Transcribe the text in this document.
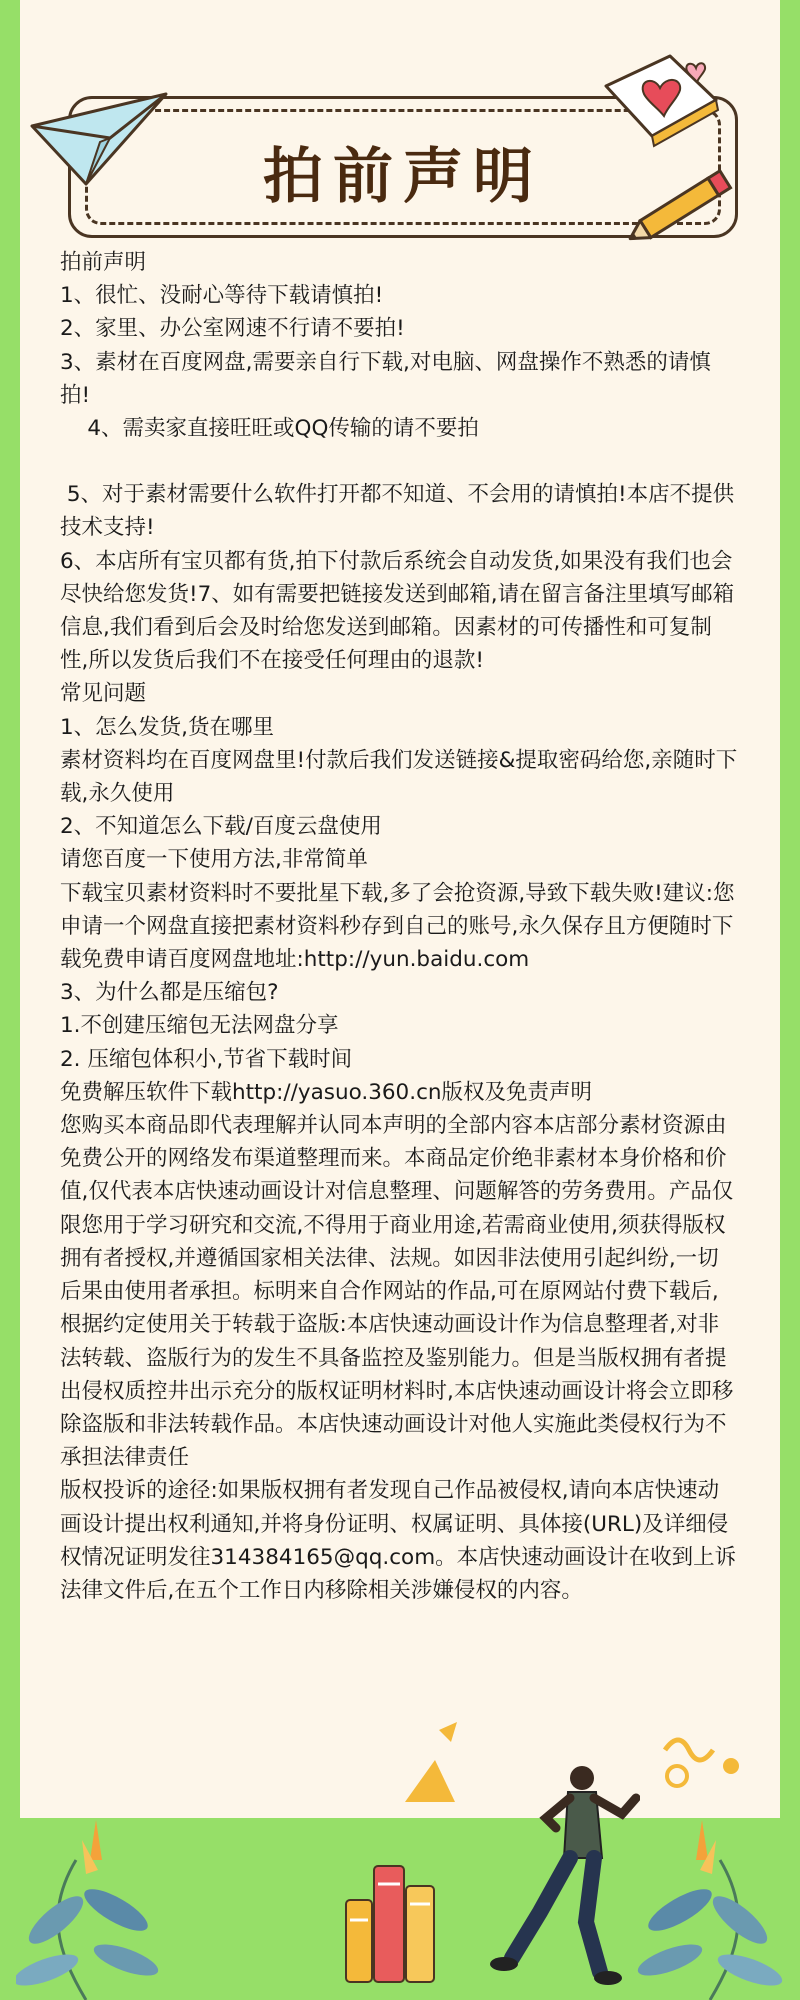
拍前声明

拍前声明

1、很忙、没耐心等待下载请慎拍!

2、家里、办公室网速不行请不要拍!

3、素材在百度网盘,需要亲自行下载,对电脑、网盘操作不熟悉的请慎拍!

4、需卖家直接旺旺或QQ传输的请不要拍

5、对于素材需要什么软件打开都不知道、不会用的请慎拍!本店不提供技术支持!

6、本店所有宝贝都有货,拍下付款后系统会自动发货,如果没有我们也会尽快给您发货!7、如有需要把链接发送到邮箱,请在留言备注里填写邮箱信息,我们看到后会及时给您发送到邮箱。因素材的可传播性和可复制性,所以发货后我们不在接受任何理由的退款!

常见问题

1、怎么发货,货在哪里

素材资料均在百度网盘里!付款后我们发送链接&提取密码给您,亲随时下载,永久使用

2、不知道怎么下载/百度云盘使用

请您百度一下使用方法,非常简单

下载宝贝素材资料时不要批星下载,多了会抢资源,导致下载失败!建议:您申请一个网盘直接把素材资料秒存到自己的账号,永久保存且方便随时下载免费申请百度网盘地址:http://yun.baidu.com

3、为什么都是压缩包?

1.不创建压缩包无法网盘分享

2. 压缩包体积小,节省下载时间

免费解压软件下载http://yasuo.360.cn版权及免责声明

您购买本商品即代表理解并认同本声明的全部内容本店部分素材资源由免费公开的网络发布渠道整理而来。本商品定价绝非素材本身价格和价值,仅代表本店快速动画设计对信息整理、问题解答的劳务费用。产品仅限您用于学习研究和交流,不得用于商业用途,若需商业使用,须获得版权拥有者授权,并遵循国家相关法律、法规。如因非法使用引起纠纷,一切后果由使用者承担。标明来自合作网站的作品,可在原网站付费下载后,根据约定使用关于转载于盗版:本店快速动画设计作为信息整理者,对非法转载、盗版行为的发生不具备监控及鉴别能力。但是当版权拥有者提出侵权质控井出示充分的版权证明材料时,本店快速动画设计将会立即移除盗版和非法转载作品。本店快速动画设计对他人实施此类侵权行为不承担法律责任

版权投诉的途径:如果版权拥有者发现自己作品被侵权,请向本店快速动画设计提出权利通知,并将身份证明、权属证明、具体接(URL)及详细侵权情况证明发往314384165@qq.com。本店快速动画设计在收到上诉法律文件后,在五个工作日内移除相关涉嫌侵权的内容。
